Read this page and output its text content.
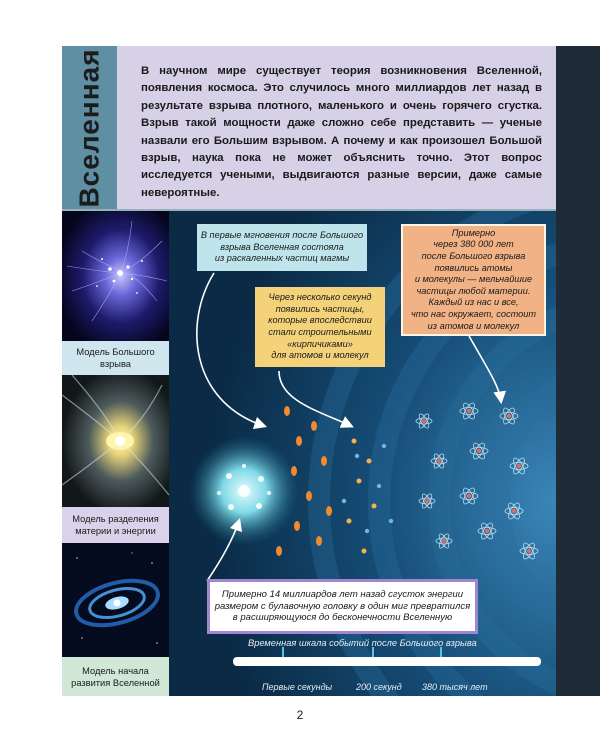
Вселенная	В научном мире существует теория возникновения Вселенной, появления космоса. Это случилось много миллиардов лет назад в результате взрыва плотного, маленького и очень горячего сгустка. Взрыв такой мощности даже сложно себе представить — ученые назвали его Большим взрывом. А почему и как произошел Большой взрыв, наука пока не может объяснить точно. Этот вопрос исследуется учеными, выдвигаются разные версии, даже самые невероятные.

Модель Большого взрыва
Модель разделения материи и энергии
Модель начала развития Вселенной
В первые мгновения после Большого
взрыва Вселенная состояла
из раскаленных частиц магмы
Через несколько секунд
появились частицы,
которые впоследствии
стали строительными
«кирпичиками»
для атомов и молекул
Примерно
через 380 000 лет
после Большого взрыва
появились атомы
и молекулы — мельчайшие
частицы любой материи.
Каждый из нас и все,
что нас окружает, состоит
из атомов и молекул
Примерно 14 миллиардов лет назад сгусток энергии
размером с булавочную головку в один миг превратился
в расширяющуюся до бесконечности Вселенную
Временная шкала событий после Большого взрыва
Первые секунды	200 секунд 380 тысяч лет
2
